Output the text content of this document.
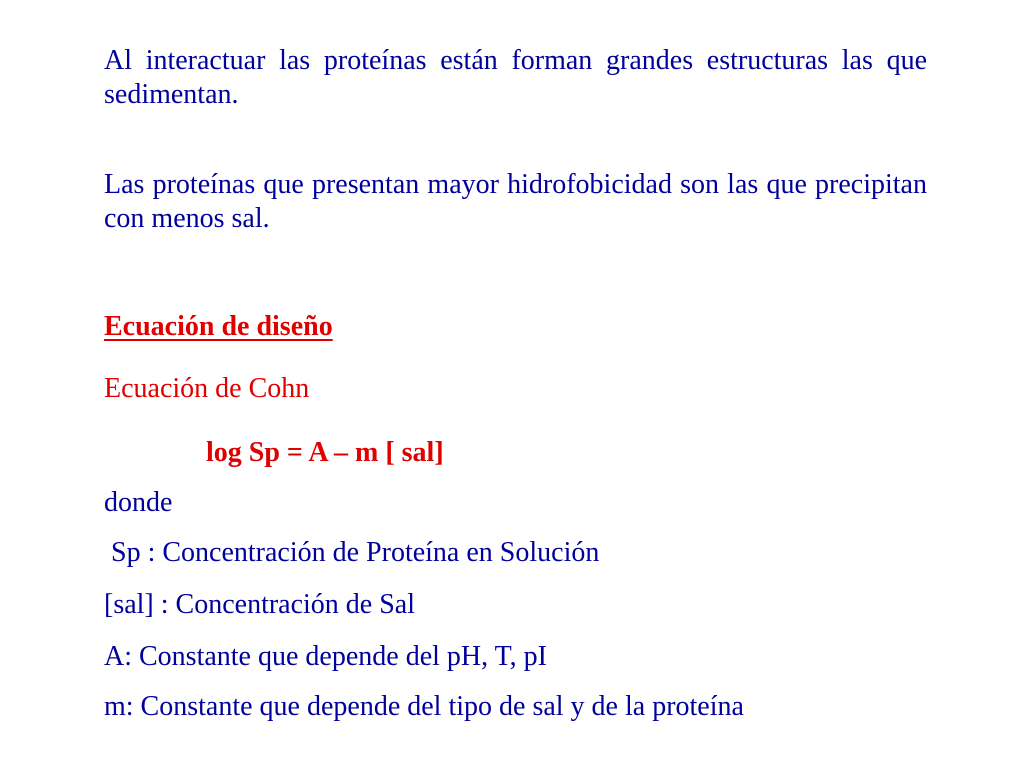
Al interactuar las proteínas están forman grandes estructuras las que sedimentan.

Las proteínas que presentan mayor hidrofobicidad son las que precipitan con menos sal.

Ecuación de diseño

Ecuación de Cohn

log Sp = A – m [ sal]

donde

Sp : Concentración de Proteína en Solución

[sal] : Concentración de Sal

A: Constante que depende del pH, T, pI

m: Constante que depende del tipo de sal y de la proteína
